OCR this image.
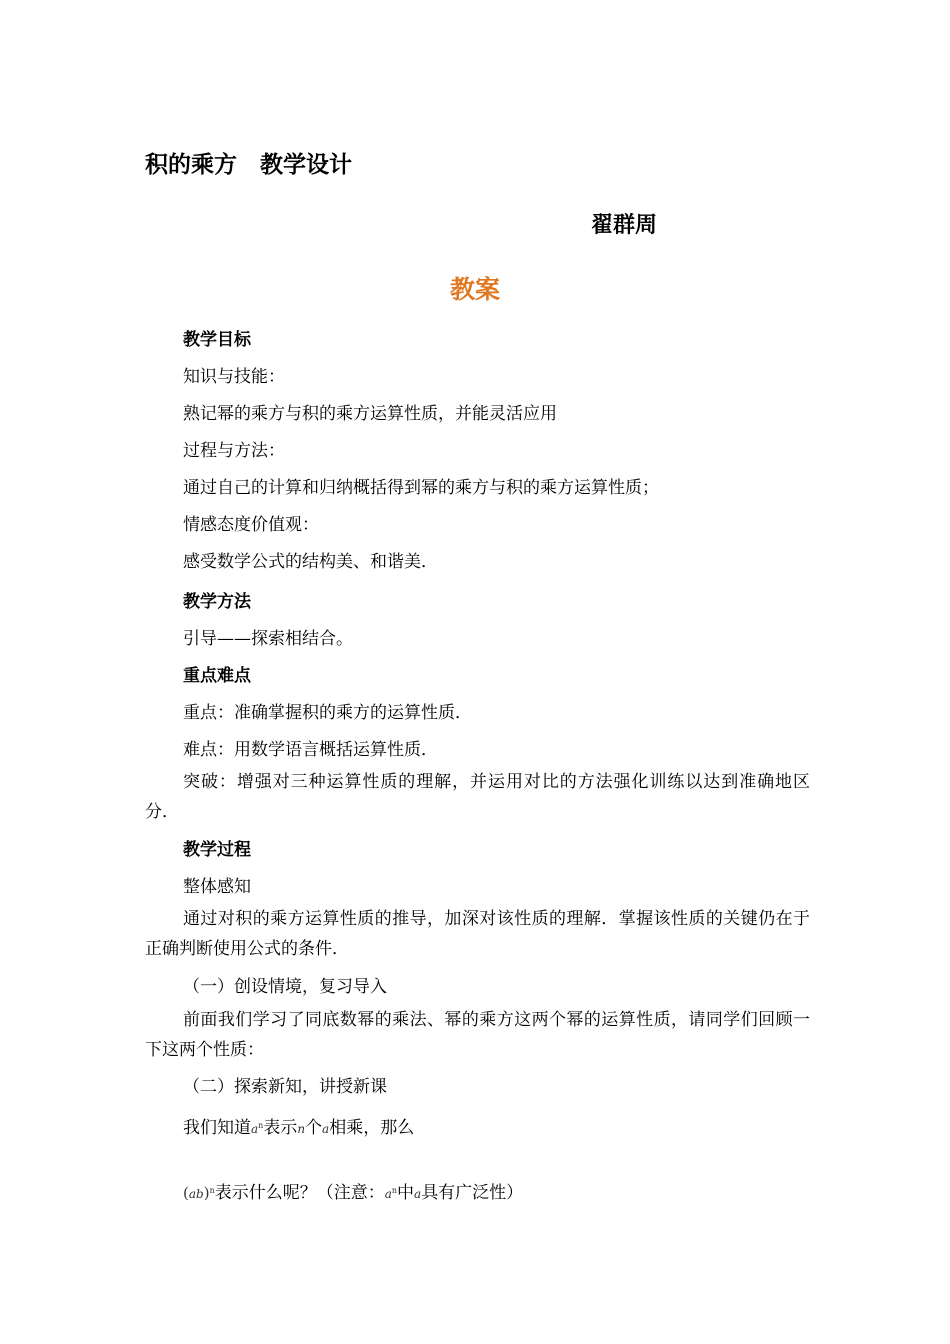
积的乘方　教学设计
翟群周
教案
教学目标
知识与技能：
熟记幂的乘方与积的乘方运算性质，并能灵活应用
过程与方法：
通过自己的计算和归纳概括得到幂的乘方与积的乘方运算性质；
情感态度价值观：
感受数学公式的结构美、和谐美．
教学方法
引导——探索相结合。
重点难点
重点：准确掌握积的乘方的运算性质．
难点：用数学语言概括运算性质．
突破：增强对三种运算性质的理解，并运用对比的方法强化训练以达到准确地区分．
教学过程
整体感知
通过对积的乘方运算性质的推导，加深对该性质的理解．掌握该性质的关键仍在于正确判断使用公式的条件．
（一）创设情境，复习导入
前面我们学习了同底数幂的乘法、幂的乘方这两个幂的运算性质，请同学们回顾一下这两个性质：
（二）探索新知，讲授新课
我们知道$a^n$表示n个a相乘，那么
(ab)$^n$表示什么呢？（注意：$a^n$中a具有广泛性）
